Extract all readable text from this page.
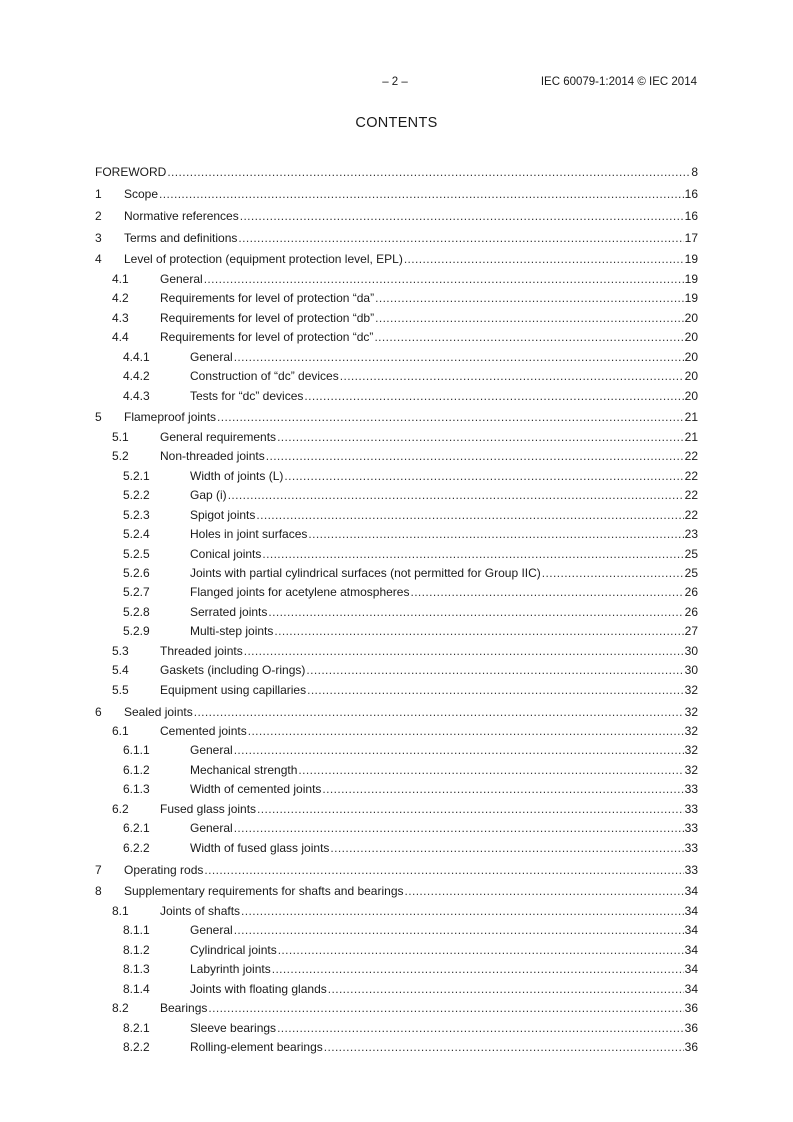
– 2 –	IEC 60079-1:2014 © IEC 2014
CONTENTS
FOREWORD .....	8
1	Scope .....	16
2	Normative references .....	16
3	Terms and definitions .....	17
4	Level of protection (equipment protection level, EPL) .....	19
4.1	General .....	19
4.2	Requirements for level of protection “da” .....	19
4.3	Requirements for level of protection “db” .....	20
4.4	Requirements for level of protection “dc” .....	20
4.4.1	General .....	20
4.4.2	Construction of “dc” devices .....	20
4.4.3	Tests for “dc” devices .....	20
5	Flameproof joints .....	21
5.1	General requirements .....	21
5.2	Non-threaded joints .....	22
5.2.1	Width of joints (L) .....	22
5.2.2	Gap (i) .....	22
5.2.3	Spigot joints .....	22
5.2.4	Holes in joint surfaces .....	23
5.2.5	Conical joints .....	25
5.2.6	Joints with partial cylindrical surfaces (not permitted for Group IIC) .....	25
5.2.7	Flanged joints for acetylene atmospheres .....	26
5.2.8	Serrated joints .....	26
5.2.9	Multi-step joints .....	27
5.3	Threaded joints .....	30
5.4	Gaskets (including O-rings) .....	30
5.5	Equipment using capillaries .....	32
6	Sealed joints .....	32
6.1	Cemented joints .....	32
6.1.1	General .....	32
6.1.2	Mechanical strength .....	32
6.1.3	Width of cemented joints .....	33
6.2	Fused glass joints .....	33
6.2.1	General .....	33
6.2.2	Width of fused glass joints .....	33
7	Operating rods .....	33
8	Supplementary requirements for shafts and bearings .....	34
8.1	Joints of shafts .....	34
8.1.1	General .....	34
8.1.2	Cylindrical joints .....	34
8.1.3	Labyrinth joints .....	34
8.1.4	Joints with floating glands .....	34
8.2	Bearings .....	36
8.2.1	Sleeve bearings .....	36
8.2.2	Rolling-element bearings .....	36
